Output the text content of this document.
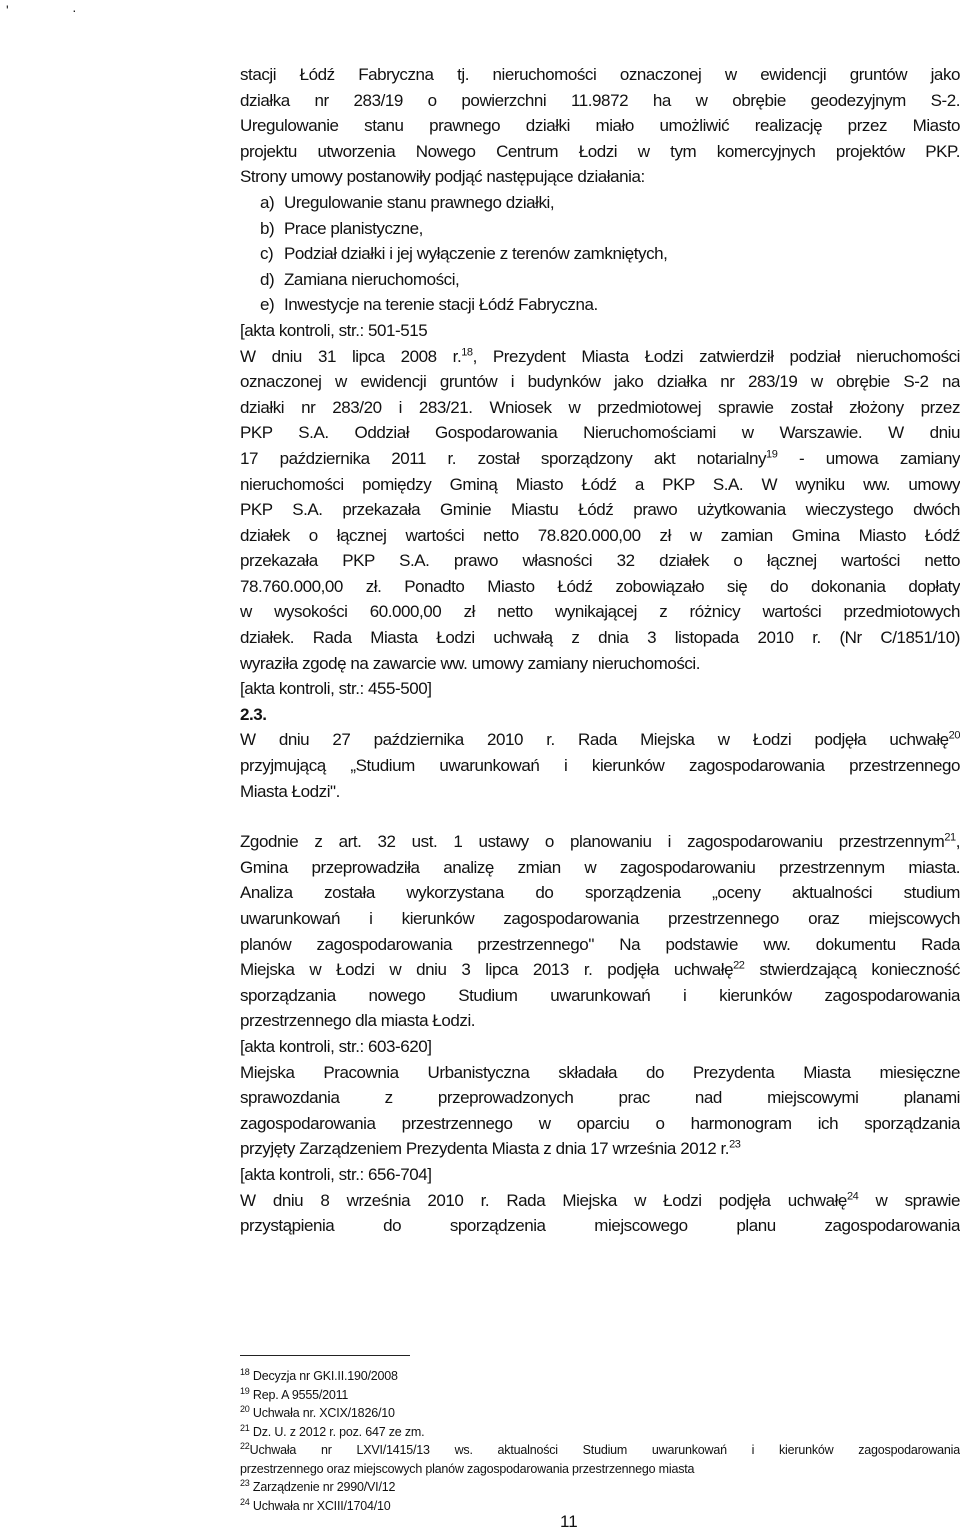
'	·

stacji Łódź Fabryczna tj. nieruchomości oznaczonej w ewidencji gruntów jako
działka nr 283/19 o powierzchni 11.9872 ha w obrębie geodezyjnym S-2.
Uregulowanie stanu prawnego działki miało umożliwić realizację przez Miasto
projektu utworzenia Nowego Centrum Łodzi w tym komercyjnych projektów PKP.
Strony umowy postanowiły podjąć następujące działania:

a) Uregulowanie stanu prawnego działki,
b) Prace planistyczne,
c) Podział działki i jej wyłączenie z terenów zamkniętych,
d) Zamiana nieruchomości,
e) Inwestycje na terenie stacji Łódź Fabryczna.

[akta kontroli, str.: 501-515

W dniu 31 lipca 2008 r.$^{18}$, Prezydent Miasta Łodzi zatwierdził podział nieruchomości
oznaczonej w ewidencji gruntów i budynków jako działka nr 283/19 w obrębie S-2 na
działki nr 283/20 i 283/21. Wniosek w przedmiotowej sprawie został złożony przez
PKP S.A. Oddział Gospodarowania Nieruchomościami w Warszawie. W dniu
17 października 2011 r. został sporządzony akt notarialny$^{19}$ - umowa zamiany
nieruchomości pomiędzy Gminą Miasto Łódź a PKP S.A. W wyniku ww. umowy
PKP S.A. przekazała Gminie Miastu Łódź prawo użytkowania wieczystego dwóch
działek o łącznej wartości netto 78.820.000,00 zł w zamian Gmina Miasto Łódź
przekazała PKP S.A. prawo własności 32 działek o łącznej wartości netto
78.760.000,00 zł. Ponadto Miasto Łódź zobowiązało się do dokonania dopłaty
w wysokości 60.000,00 zł netto wynikającej z różnicy wartości przedmiotowych
działek. Rada Miasta Łodzi uchwałą z dnia 3 listopada 2010 r. (Nr C/1851/10)
wyraziła zgodę na zawarcie ww. umowy zamiany nieruchomości.

[akta kontroli, str.: 455-500]

2.3.

W dniu 27 października 2010 r. Rada Miejska w Łodzi podjęła uchwałę$^{20}$
przyjmującą „Studium uwarunkowań i kierunków zagospodarowania przestrzennego
Miasta Łodzi".

Zgodnie z art. 32 ust. 1 ustawy o planowaniu i zagospodarowaniu przestrzennym$^{21}$,
Gmina przeprowadziła analizę zmian w zagospodarowaniu przestrzennym miasta.
Analiza została wykorzystana do sporządzenia „oceny aktualności studium
uwarunkowań i kierunków zagospodarowania przestrzennego oraz miejscowych
planów zagospodarowania przestrzennego" Na podstawie ww. dokumentu Rada
Miejska w Łodzi w dniu 3 lipca 2013 r. podjęła uchwałę$^{22}$ stwierdzającą konieczność
sporządzania nowego Studium uwarunkowań i kierunków zagospodarowania
przestrzennego dla miasta Łodzi.

[akta kontroli, str.: 603-620]

Miejska Pracownia Urbanistyczna składała do Prezydenta Miasta miesięczne
sprawozdania z przeprowadzonych prac nad miejscowymi planami
zagospodarowania przestrzennego w oparciu o harmonogram ich sporządzania
przyjęty Zarządzeniem Prezydenta Miasta z dnia 17 września 2012 r.$^{23}$

[akta kontroli, str.: 656-704]

W dniu 8 września 2010 r. Rada Miejska w Łodzi podjęła uchwałę$^{24}$ w sprawie
przystąpienia do sporządzenia miejscowego planu zagospodarowania

$^{18}$ Decyzja nr GKI.II.190/2008
$^{19}$ Rep. A 9555/2011
$^{20}$ Uchwała nr. XCIX/1826/10
$^{21}$ Dz. U. z 2012 r. poz. 647 ze zm.
$^{22}$Uchwała nr LXVI/1415/13 ws. aktualności Studium uwarunkowań i kierunków zagospodarowania
przestrzennego oraz miejscowych planów zagospodarowania przestrzennego miasta
$^{23}$ Zarządzenie nr 2990/VI/12
$^{24}$ Uchwała nr XCIII/1704/10
11
